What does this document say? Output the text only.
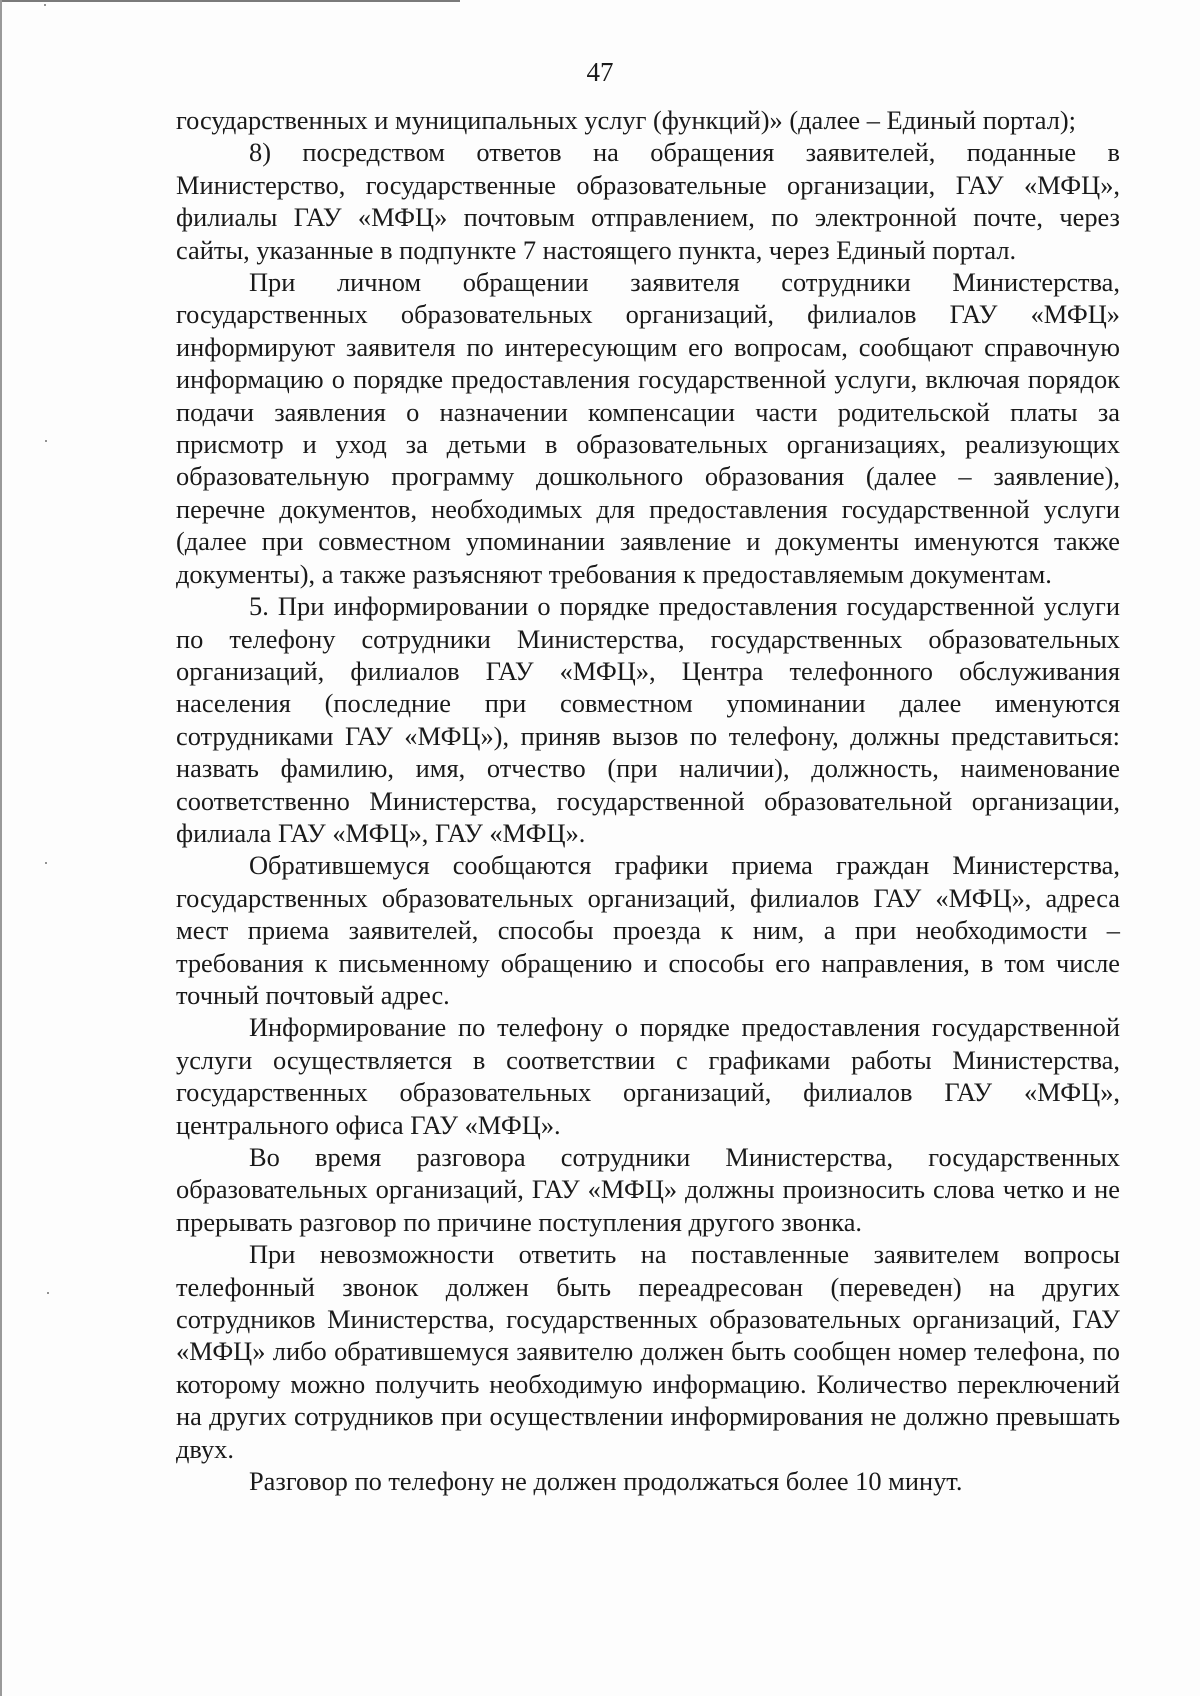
47

государственных и муниципальных услуг (функций)» (далее – Единый портал);

8) посредством ответов на обращения заявителей, поданные в Министерство, государственные образовательные организации, ГАУ «МФЦ», филиалы ГАУ «МФЦ» почтовым отправлением, по электронной почте, через сайты, указанные в подпункте 7 настоящего пункта, через Единый портал.

При личном обращении заявителя сотрудники Министерства, государственных образовательных организаций, филиалов ГАУ «МФЦ» информируют заявителя по интересующим его вопросам, сообщают справочную информацию о порядке предоставления государственной услуги, включая порядок подачи заявления о назначении компенсации части родительской платы за присмотр и уход за детьми в образовательных организациях, реализующих образовательную программу дошкольного образования (далее – заявление), перечне документов, необходимых для предоставления государственной услуги (далее при совместном упоминании заявление и документы именуются также документы), а также разъясняют требования к предоставляемым документам.

5. При информировании о порядке предоставления государственной услуги по телефону сотрудники Министерства, государственных образовательных организаций, филиалов ГАУ «МФЦ», Центра телефонного обслуживания населения (последние при совместном упоминании далее именуются сотрудниками ГАУ «МФЦ»), приняв вызов по телефону, должны представиться: назвать фамилию, имя, отчество (при наличии), должность, наименование соответственно Министерства, государственной образовательной организации, филиала ГАУ «МФЦ», ГАУ «МФЦ».

Обратившемуся сообщаются графики приема граждан Министерства, государственных образовательных организаций, филиалов ГАУ «МФЦ», адреса мест приема заявителей, способы проезда к ним, а при необходимости – требования к письменному обращению и способы его направления, в том числе точный почтовый адрес.

Информирование по телефону о порядке предоставления государственной услуги осуществляется в соответствии с графиками работы Министерства, государственных образовательных организаций, филиалов ГАУ «МФЦ», центрального офиса ГАУ «МФЦ».

Во время разговора сотрудники Министерства, государственных образовательных организаций, ГАУ «МФЦ» должны произносить слова четко и не прерывать разговор по причине поступления другого звонка.

При невозможности ответить на поставленные заявителем вопросы телефонный звонок должен быть переадресован (переведен) на других сотрудников Министерства, государственных образовательных организаций, ГАУ «МФЦ» либо обратившемуся заявителю должен быть сообщен номер телефона, по которому можно получить необходимую информацию. Количество переключений на других сотрудников при осуществлении информирования не должно превышать двух.

Разговор по телефону не должен продолжаться более 10 минут.
